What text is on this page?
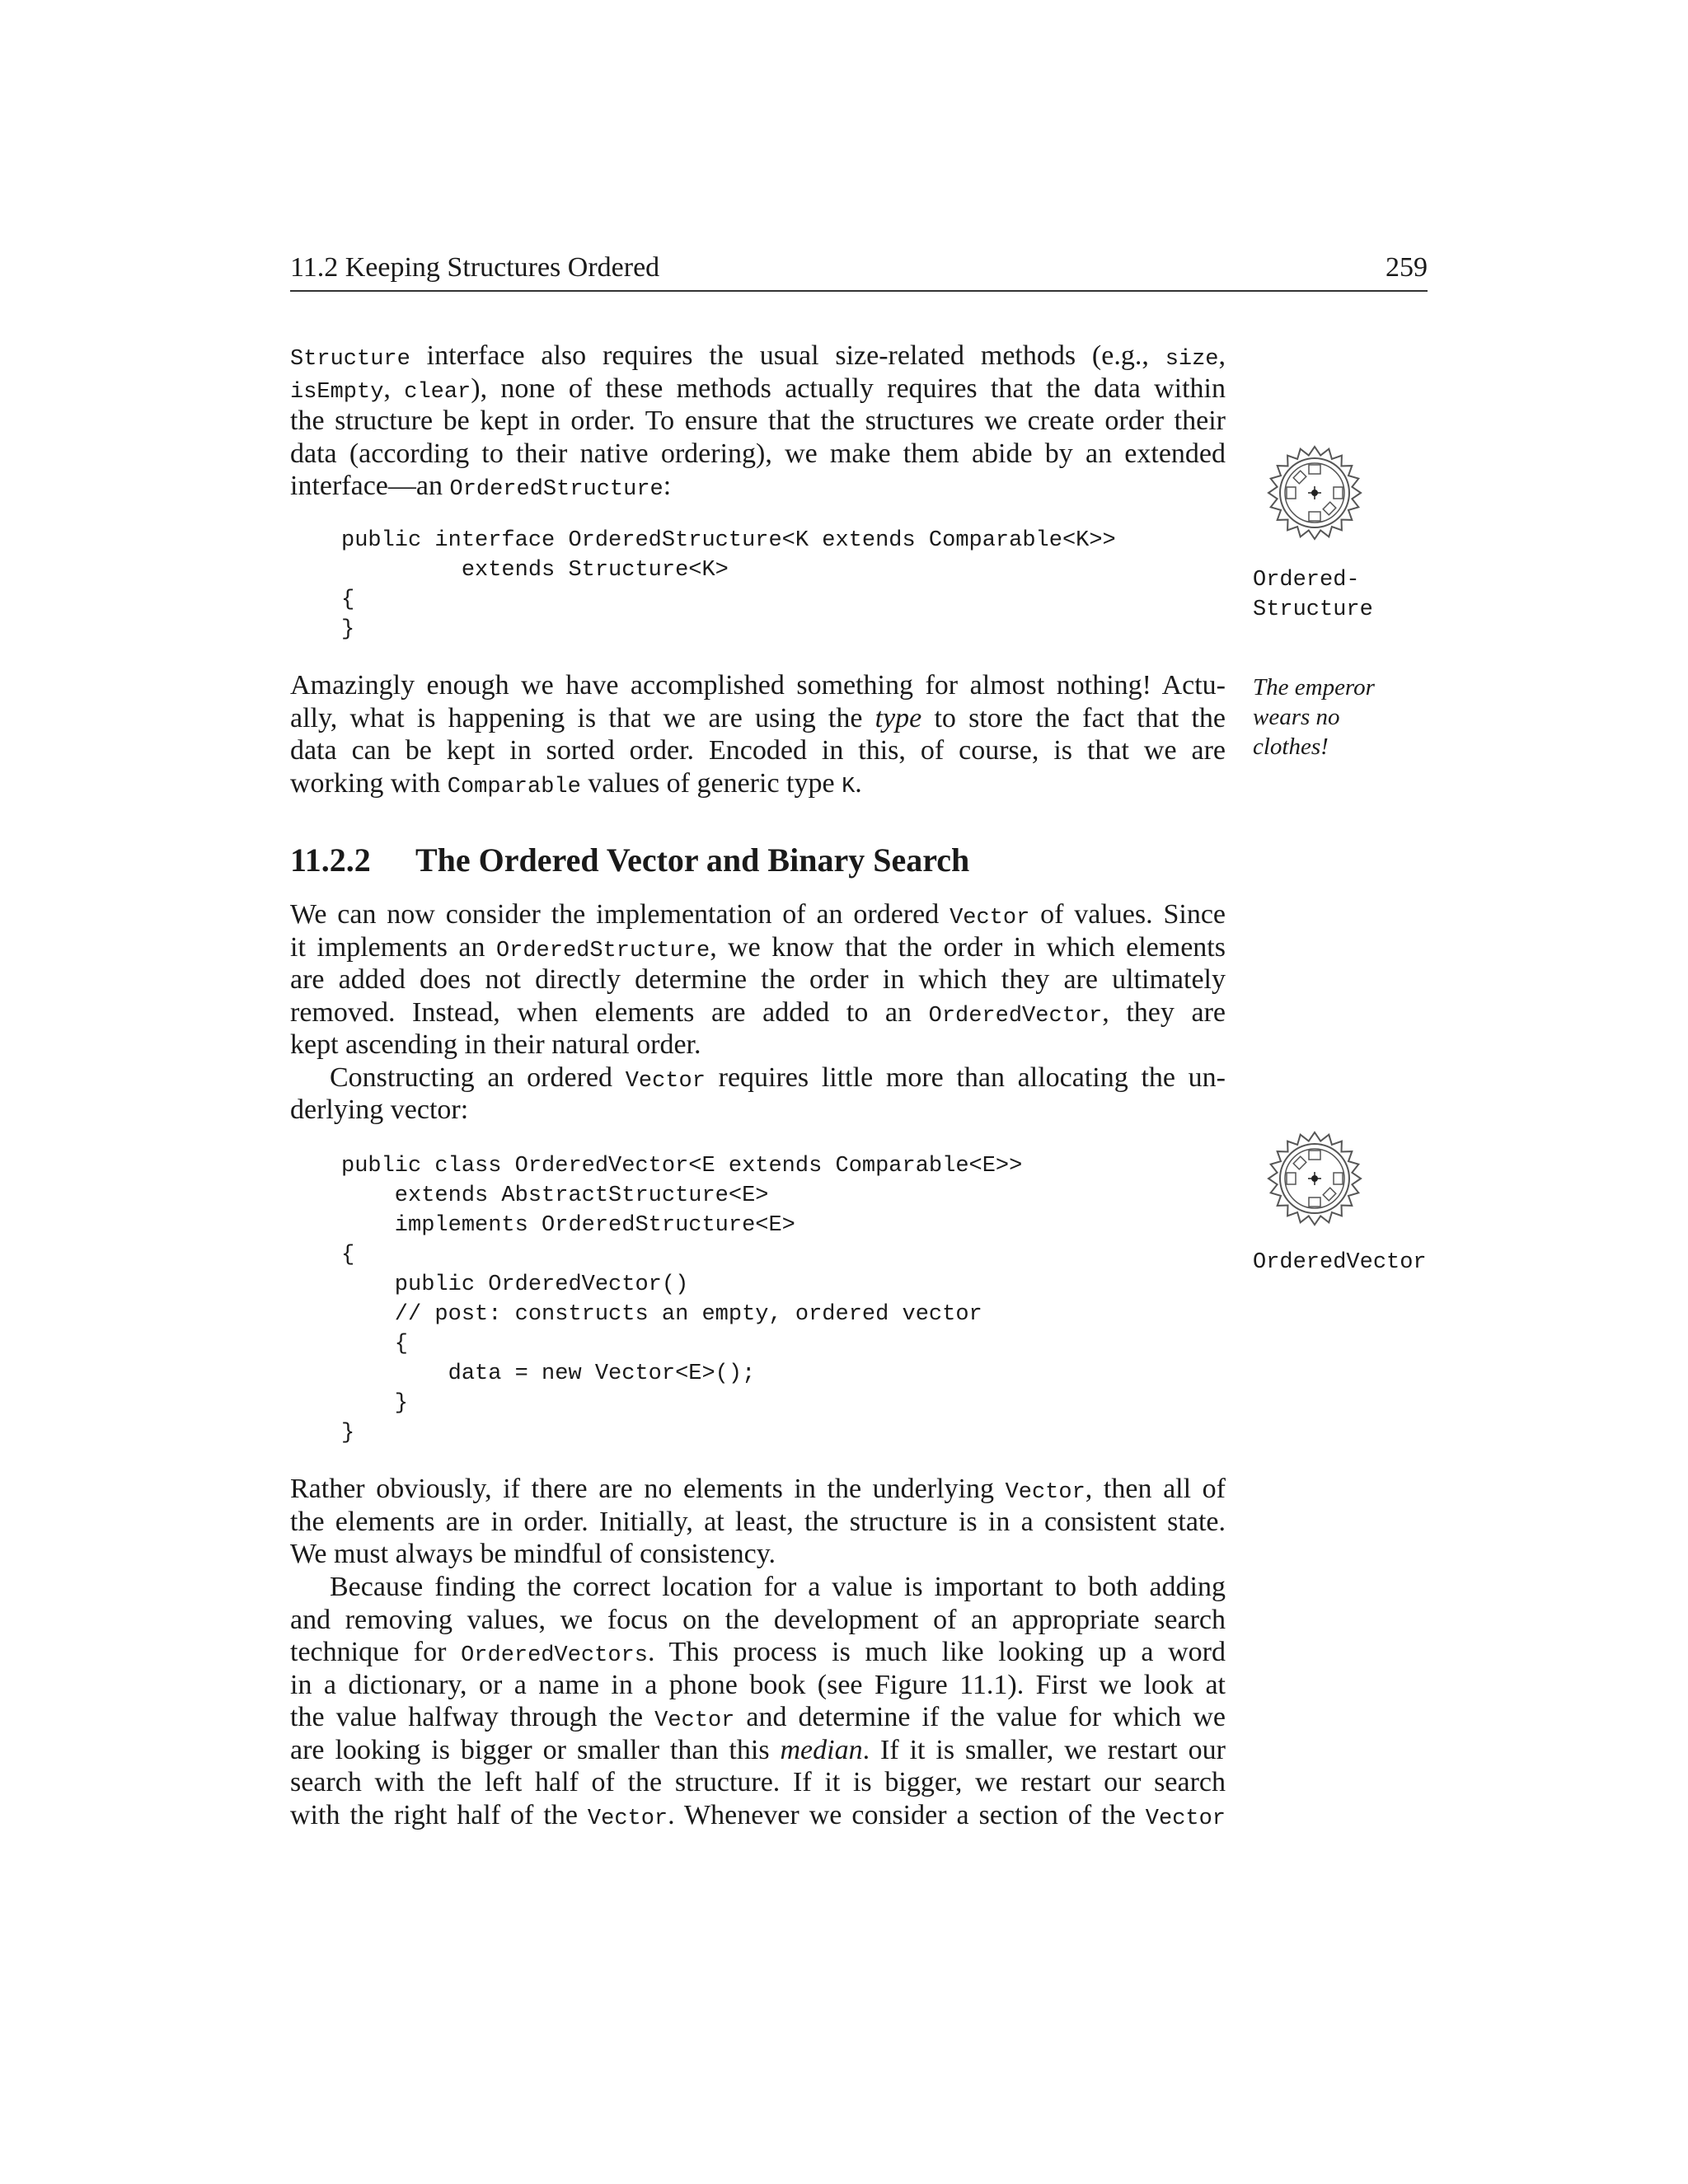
11.2 Keeping Structures Ordered	259
Structure interface also requires the usual size-related methods (e.g., size,
isEmpty, clear), none of these methods actually requires that the data within
the structure be kept in order. To ensure that the structures we create order their
data (according to their native ordering), we make them abide by an extended
interface—an OrderedStructure:
public interface OrderedStructure<K extends Comparable<K>>
extends Structure<K>
{
}
Ordered-
Structure
Amazingly enough we have accomplished something for almost nothing! Actu-
ally, what is happening is that we are using the type to store the fact that the
data can be kept in sorted order. Encoded in this, of course, is that we are
working with Comparable values of generic type K.
The emperor
wears no
clothes!
11.2.2 The Ordered Vector and Binary Search
We can now consider the implementation of an ordered Vector of values. Since
it implements an OrderedStructure, we know that the order in which elements
are added does not directly determine the order in which they are ultimately
removed. Instead, when elements are added to an OrderedVector, they are
kept ascending in their natural order.
Constructing an ordered Vector requires little more than allocating the un-
derlying vector:
public class OrderedVector<E extends Comparable<E>>
extends AbstractStructure<E>
implements OrderedStructure<E>
{
public OrderedVector()
// post: constructs an empty, ordered vector
{
data = new Vector<E>();
}
}
OrderedVector
Rather obviously, if there are no elements in the underlying Vector, then all of
the elements are in order. Initially, at least, the structure is in a consistent state.
We must always be mindful of consistency.
Because finding the correct location for a value is important to both adding
and removing values, we focus on the development of an appropriate search
technique for OrderedVectors. This process is much like looking up a word
in a dictionary, or a name in a phone book (see Figure 11.1). First we look at
the value halfway through the Vector and determine if the value for which we
are looking is bigger or smaller than this median. If it is smaller, we restart our
search with the left half of the structure. If it is bigger, we restart our search
with the right half of the Vector. Whenever we consider a section of the Vector
